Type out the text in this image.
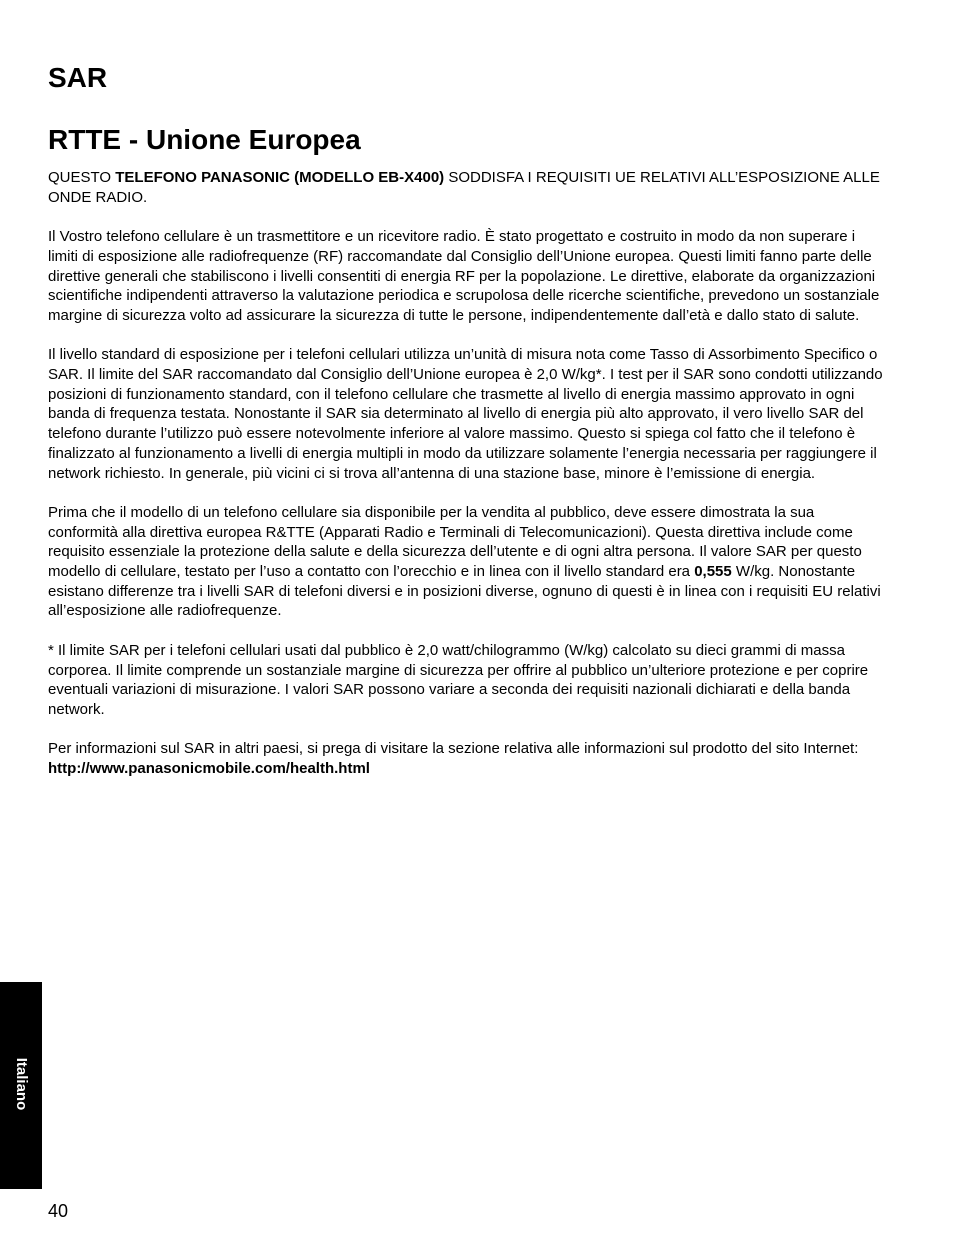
SAR
RTTE - Unione Europea

QUESTO TELEFONO PANASONIC (MODELLO EB-X400) SODDISFA I REQUISITI UE RELATIVI ALL’ESPOSIZIONE ALLE ONDE RADIO.

Il Vostro telefono cellulare è un trasmettitore e un ricevitore radio. È stato progettato e costruito in modo da non superare i limiti di esposizione alle radiofrequenze (RF) raccomandate dal Consiglio dell’Unione europea. Questi limiti fanno parte delle direttive generali che stabiliscono i livelli consentiti di energia RF per la popolazione. Le direttive, elaborate da organizzazioni scientifiche indipendenti attraverso la valutazione periodica e scrupolosa delle ricerche scientifiche, prevedono un sostanziale margine di sicurezza volto ad assicurare la sicurezza di tutte le persone, indipendentemente dall’età e dallo stato di salute.

Il livello standard di esposizione per i telefoni cellulari utilizza un’unità di misura nota come Tasso di Assorbimento Specifico o SAR. Il limite del SAR raccomandato dal Consiglio dell’Unione europea è 2,0 W/kg*. I test per il SAR sono condotti utilizzando posizioni di funzionamento standard, con il telefono cellulare che trasmette al livello di energia massimo approvato in ogni banda di frequenza testata. Nonostante il SAR sia determinato al livello di energia più alto approvato, il vero livello SAR del telefono durante l’utilizzo può essere notevolmente inferiore al valore massimo. Questo si spiega col fatto che il telefono è finalizzato al funzionamento a livelli di energia multipli in modo da utilizzare solamente l’energia necessaria per raggiungere il network richiesto. In generale, più vicini ci si trova all’antenna di una stazione base, minore è l’emissione di energia.

Prima che il modello di un telefono cellulare sia disponibile per la vendita al pubblico, deve essere dimostrata la sua conformità alla direttiva europea R&TTE (Apparati Radio e Terminali di Telecomunicazioni). Questa direttiva include come requisito essenziale la protezione della salute e della sicurezza dell’utente e di ogni altra persona. Il valore SAR per questo modello di cellulare, testato per l’uso a contatto con l’orecchio e in linea con il livello standard era 0,555 W/kg. Nonostante esistano differenze tra i livelli SAR di telefoni diversi e in posizioni diverse, ognuno di questi è in linea con i requisiti EU relativi all’esposizione alle radiofrequenze.

* Il limite SAR per i telefoni cellulari usati dal pubblico è 2,0 watt/chilogrammo (W/kg) calcolato su dieci grammi di massa corporea. Il limite comprende un sostanziale margine di sicurezza per offrire al pubblico un’ulteriore protezione e per coprire eventuali variazioni di misurazione. I valori SAR possono variare a seconda dei requisiti nazionali dichiarati e della banda network.

Per informazioni sul SAR in altri paesi, si prega di visitare la sezione relativa alle informazioni sul prodotto del sito Internet: http://www.panasonicmobile.com/health.html

Italiano
40
